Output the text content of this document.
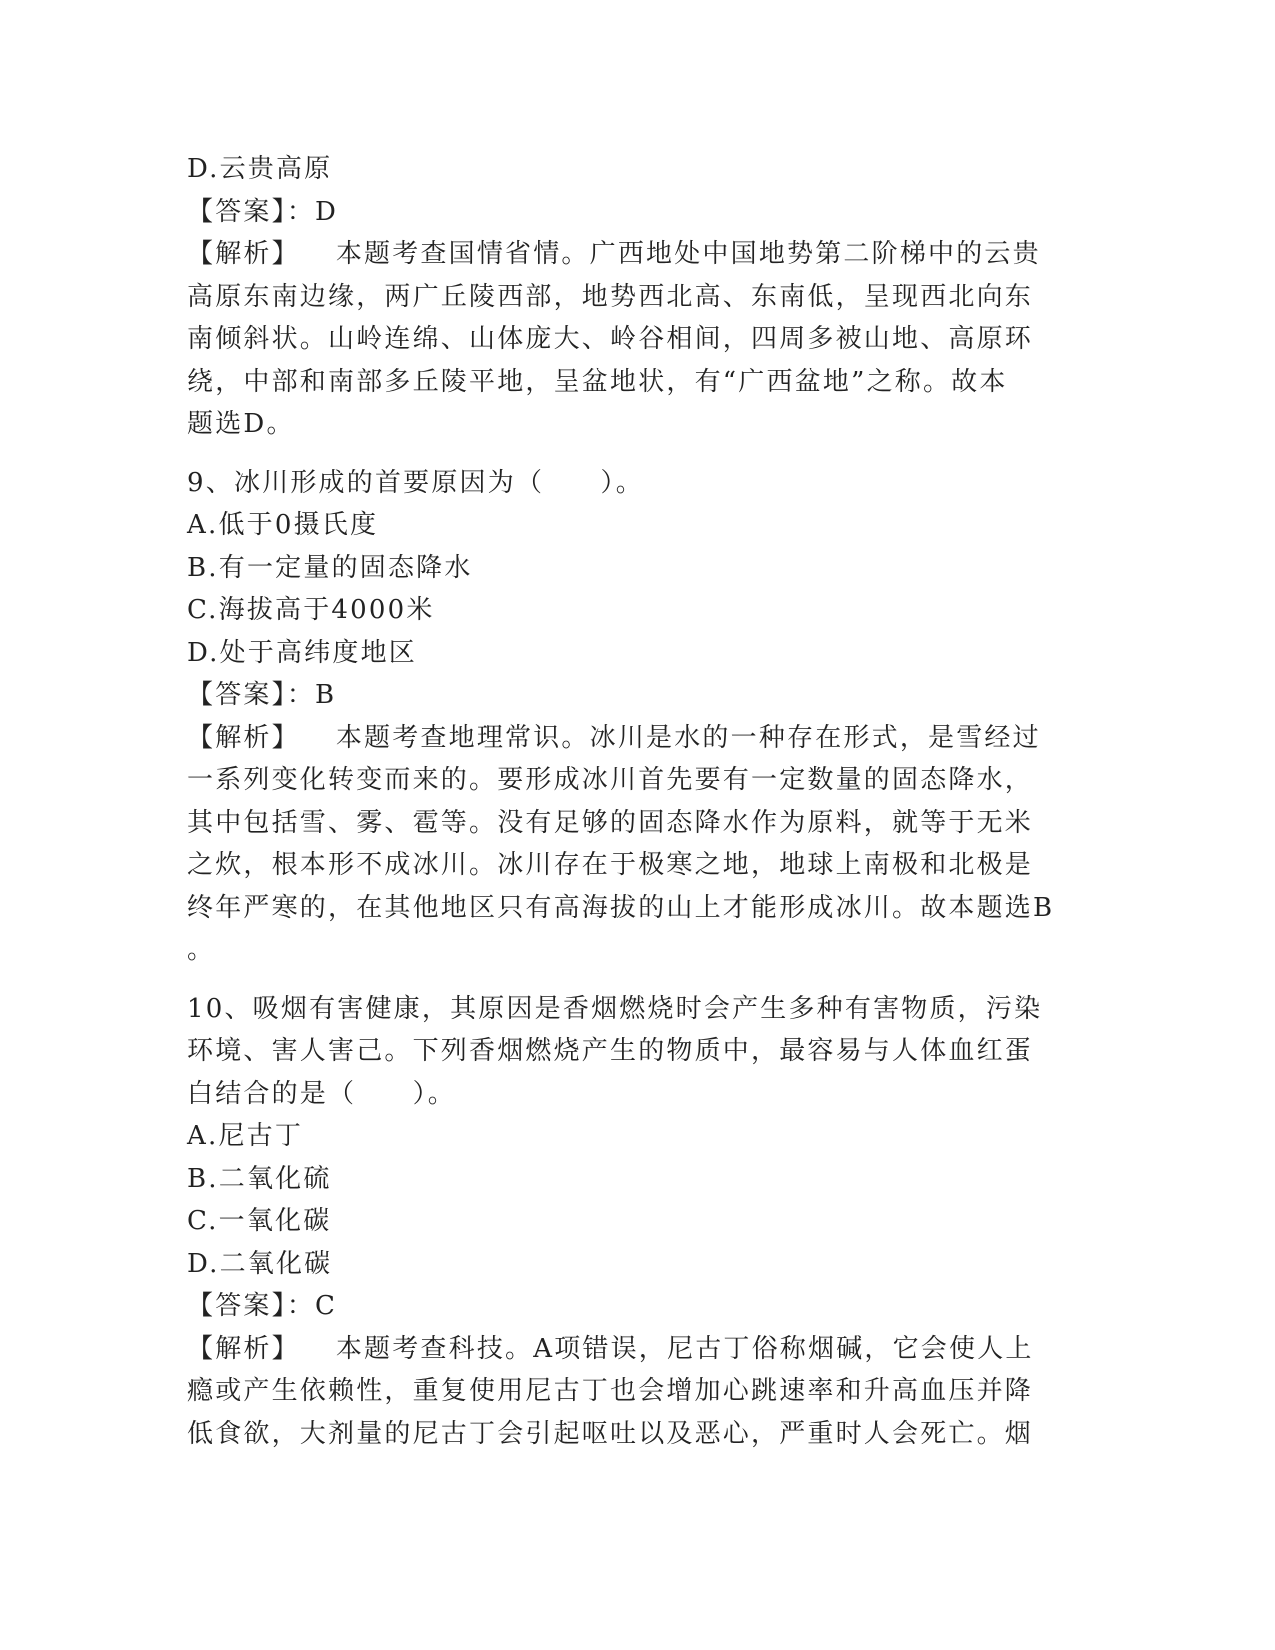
D.云贵高原
【答案】：D
【解析】 本题考查国情省情。广西地处中国地势第二阶梯中的云贵
高原东南边缘，两广丘陵西部，地势西北高、东南低，呈现西北向东
南倾斜状。山岭连绵、山体庞大、岭谷相间，四周多被山地、高原环
绕，中部和南部多丘陵平地，呈盆地状，有“广西盆地”之称。故本
题选D。
9、冰川形成的首要原因为（　　）。
A.低于0摄氏度
B.有一定量的固态降水
C.海拔高于4000米
D.处于高纬度地区
【答案】：B
【解析】 本题考查地理常识。冰川是水的一种存在形式，是雪经过
一系列变化转变而来的。要形成冰川首先要有一定数量的固态降水，
其中包括雪、雾、雹等。没有足够的固态降水作为原料，就等于无米
之炊，根本形不成冰川。冰川存在于极寒之地，地球上南极和北极是
终年严寒的，在其他地区只有高海拔的山上才能形成冰川。故本题选B
。
10、吸烟有害健康，其原因是香烟燃烧时会产生多种有害物质，污染
环境、害人害己。下列香烟燃烧产生的物质中，最容易与人体血红蛋
白结合的是（　　）。
A.尼古丁
B.二氧化硫
C.一氧化碳
D.二氧化碳
【答案】：C
【解析】 本题考查科技。A项错误，尼古丁俗称烟碱，它会使人上
瘾或产生依赖性，重复使用尼古丁也会增加心跳速率和升高血压并降
低食欲，大剂量的尼古丁会引起呕吐以及恶心，严重时人会死亡。烟
